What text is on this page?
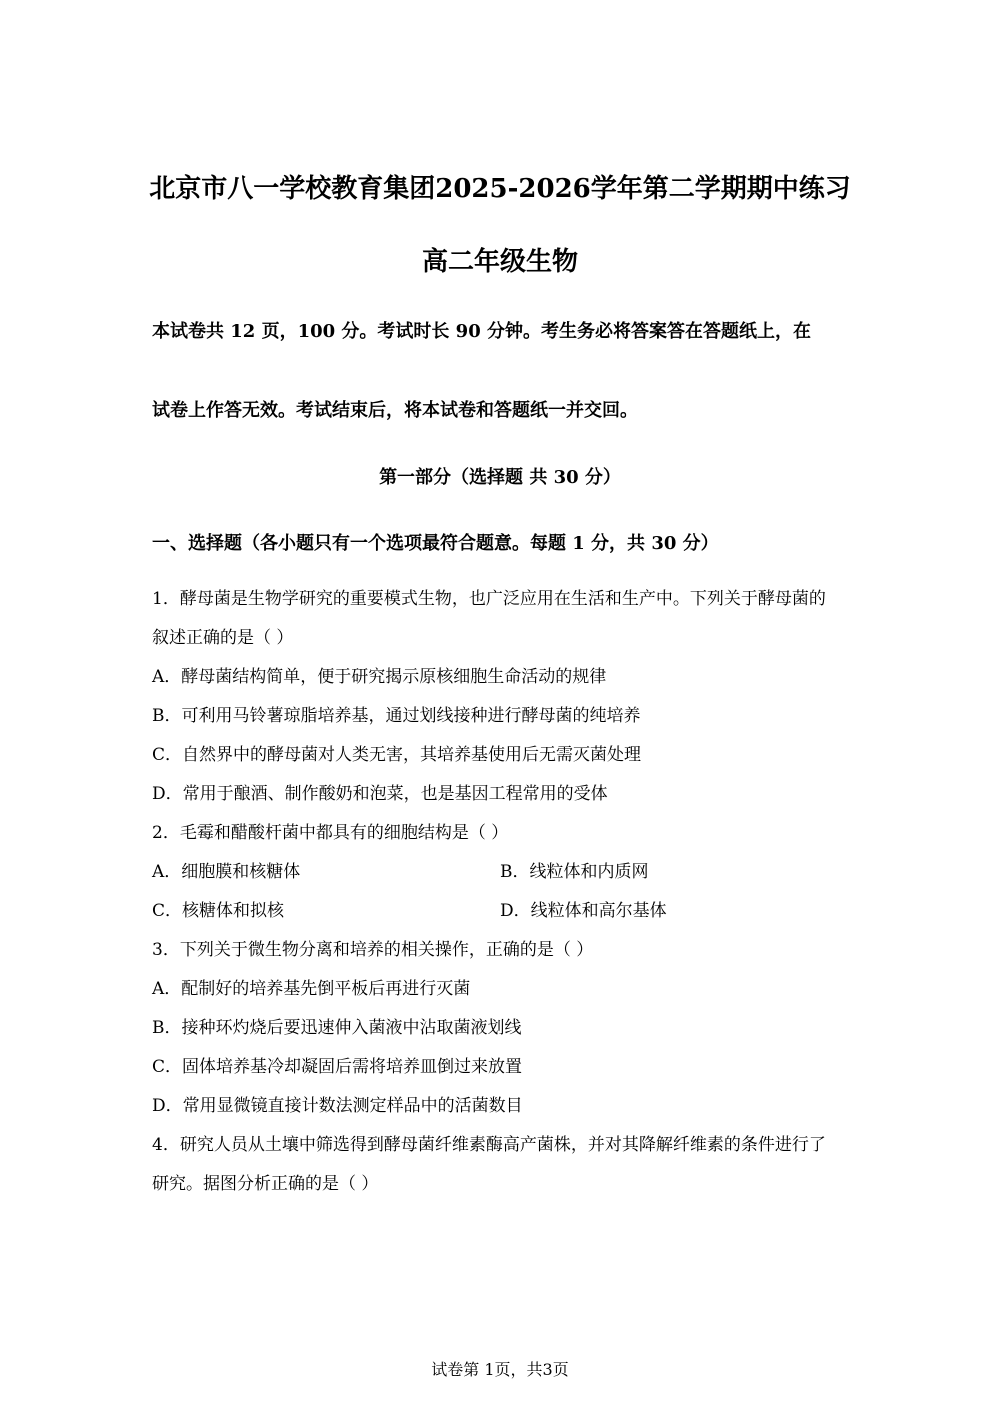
北京市八一学校教育集团2025-2026学年第二学期期中练习
高二年级生物
本试卷共 12 页，100 分。考试时长 90 分钟。考生务必将答案答在答题纸上，在
试卷上作答无效。考试结束后，将本试卷和答题纸一并交回。
第一部分（选择题 共 30 分）
一、选择题（各小题只有一个选项最符合题意。每题 1 分，共 30 分）
1．酵母菌是生物学研究的重要模式生物，也广泛应用在生活和生产中。下列关于酵母菌的
叙述正确的是（ ）
A．酵母菌结构简单，便于研究揭示原核细胞生命活动的规律
B．可利用马铃薯琼脂培养基，通过划线接种进行酵母菌的纯培养
C．自然界中的酵母菌对人类无害，其培养基使用后无需灭菌处理
D．常用于酿酒、制作酸奶和泡菜，也是基因工程常用的受体
2．毛霉和醋酸杆菌中都具有的细胞结构是（ ）
A．细胞膜和核糖体	B．线粒体和内质网
C．核糖体和拟核	D．线粒体和高尔基体
3．下列关于微生物分离和培养的相关操作，正确的是（ ）
A．配制好的培养基先倒平板后再进行灭菌
B．接种环灼烧后要迅速伸入菌液中沾取菌液划线
C．固体培养基冷却凝固后需将培养皿倒过来放置
D．常用显微镜直接计数法测定样品中的活菌数目
4．研究人员从土壤中筛选得到酵母菌纤维素酶高产菌株，并对其降解纤维素的条件进行了
研究。据图分析正确的是（ ）
试卷第 1页，共3页
